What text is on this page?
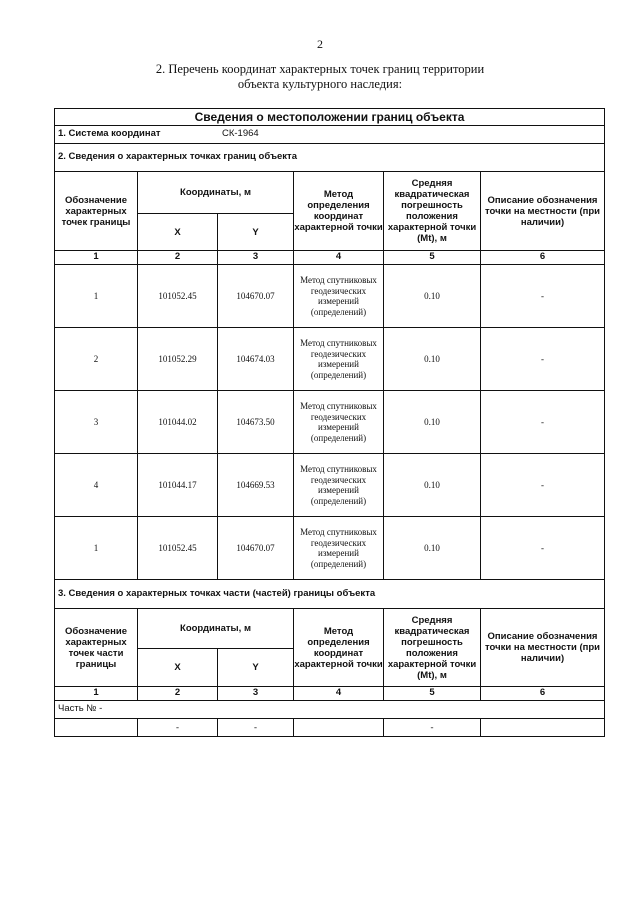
2
2. Перечень координат характерных точек границ территории
объекта культурного наследия:
Сведения о местоположении границ объекта					
1. Система координат СК-1964					
2. Сведения о характерных точках границ объекта					
Обозначение характерных точек границы	Координаты, м		Метод определения координат характерной точки	Средняя квадратическая погрешность положения характерной точки (Mt), м	Описание обозначения точки на местности (при наличии)
	X	Y			
1	2	3	4	5	6
1	101052.45	104670.07	Метод спутниковых геодезических измерений (определений)	0.10	-
2	101052.29	104674.03	Метод спутниковых геодезических измерений (определений)	0.10	-
3	101044.02	104673.50	Метод спутниковых геодезических измерений (определений)	0.10	-
4	101044.17	104669.53	Метод спутниковых геодезических измерений (определений)	0.10	-
1	101052.45	104670.07	Метод спутниковых геодезических измерений (определений)	0.10	-
3. Сведения о характерных точках части (частей) границы объекта					
Обозначение характерных точек части границы	Координаты, м		Метод определения координат характерной точки	Средняя квадратическая погрешность положения характерной точки (Mt), м	Описание обозначения точки на местности (при наличии)
	X	Y			
1	2	3	4	5	6
Часть № -					
	-	-		-	
